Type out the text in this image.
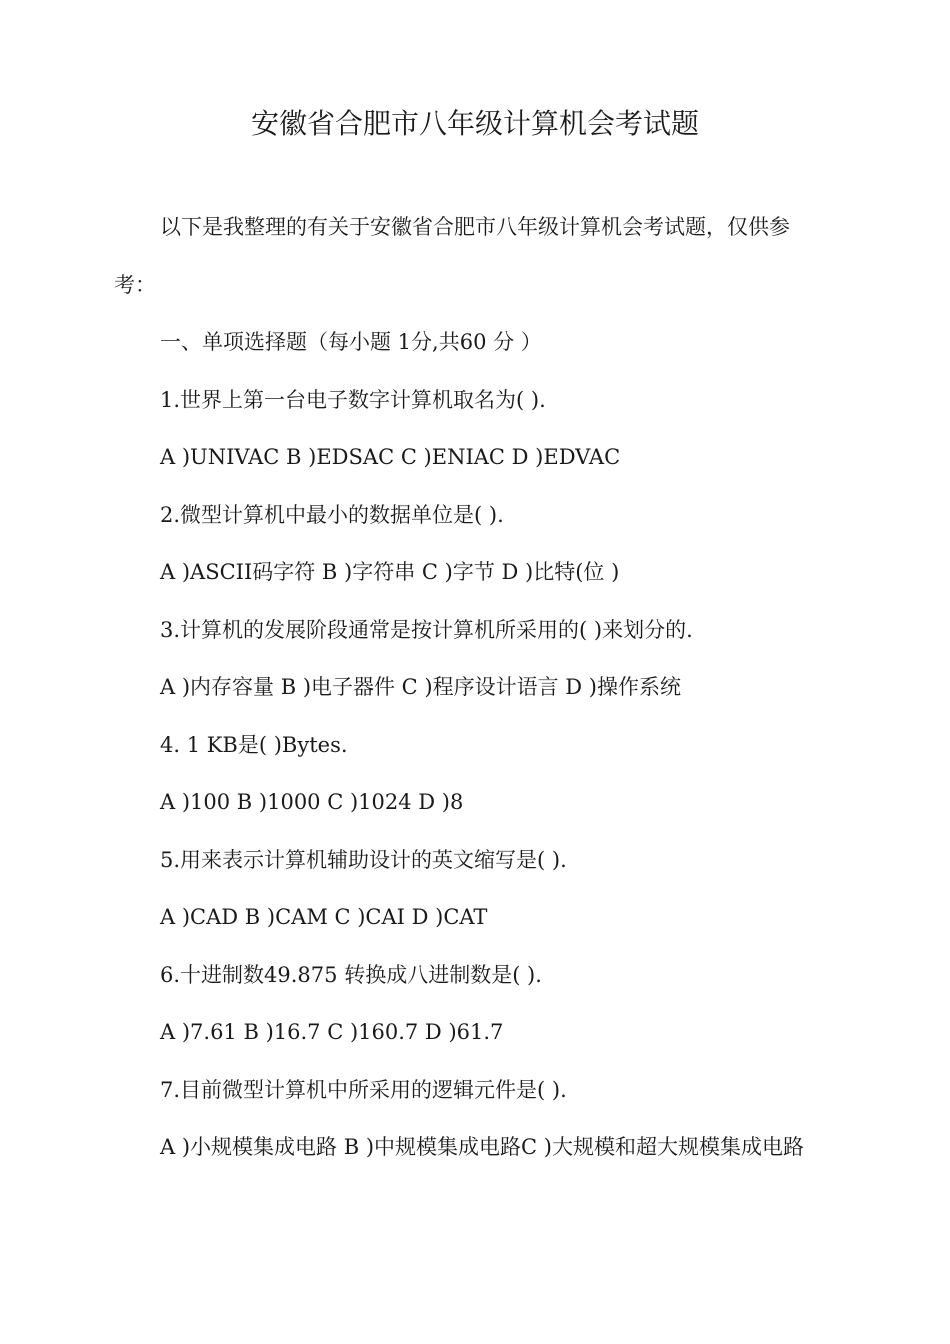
安徽省合肥市八年级计算机会考试题
以下是我整理的有关于安徽省合肥市八年级计算机会考试题，仅供参
考：
一、单项选择题（每小题 1分,共60 分 ）
1.世界上第一台电子数字计算机取名为( ).
A )UNIVAC B )EDSAC C )ENIAC D )EDVAC
2.微型计算机中最小的数据单位是( ).
A )ASCII码字符 B )字符串 C )字节 D )比特(位 )
3.计算机的发展阶段通常是按计算机所采用的( )来划分的.
A )内存容量 B )电子器件 C )程序设计语言 D )操作系统
4. 1 KB是( )Bytes.
A )100 B )1000 C )1024 D )8
5.用来表示计算机辅助设计的英文缩写是( ).
A )CAD B )CAM C )CAI D )CAT
6.十进制数49.875 转换成八进制数是( ).
A )7.61 B )16.7 C )160.7 D )61.7
7.目前微型计算机中所采用的逻辑元件是( ).
A )小规模集成电路 B )中规模集成电路C )大规模和超大规模集成电路
